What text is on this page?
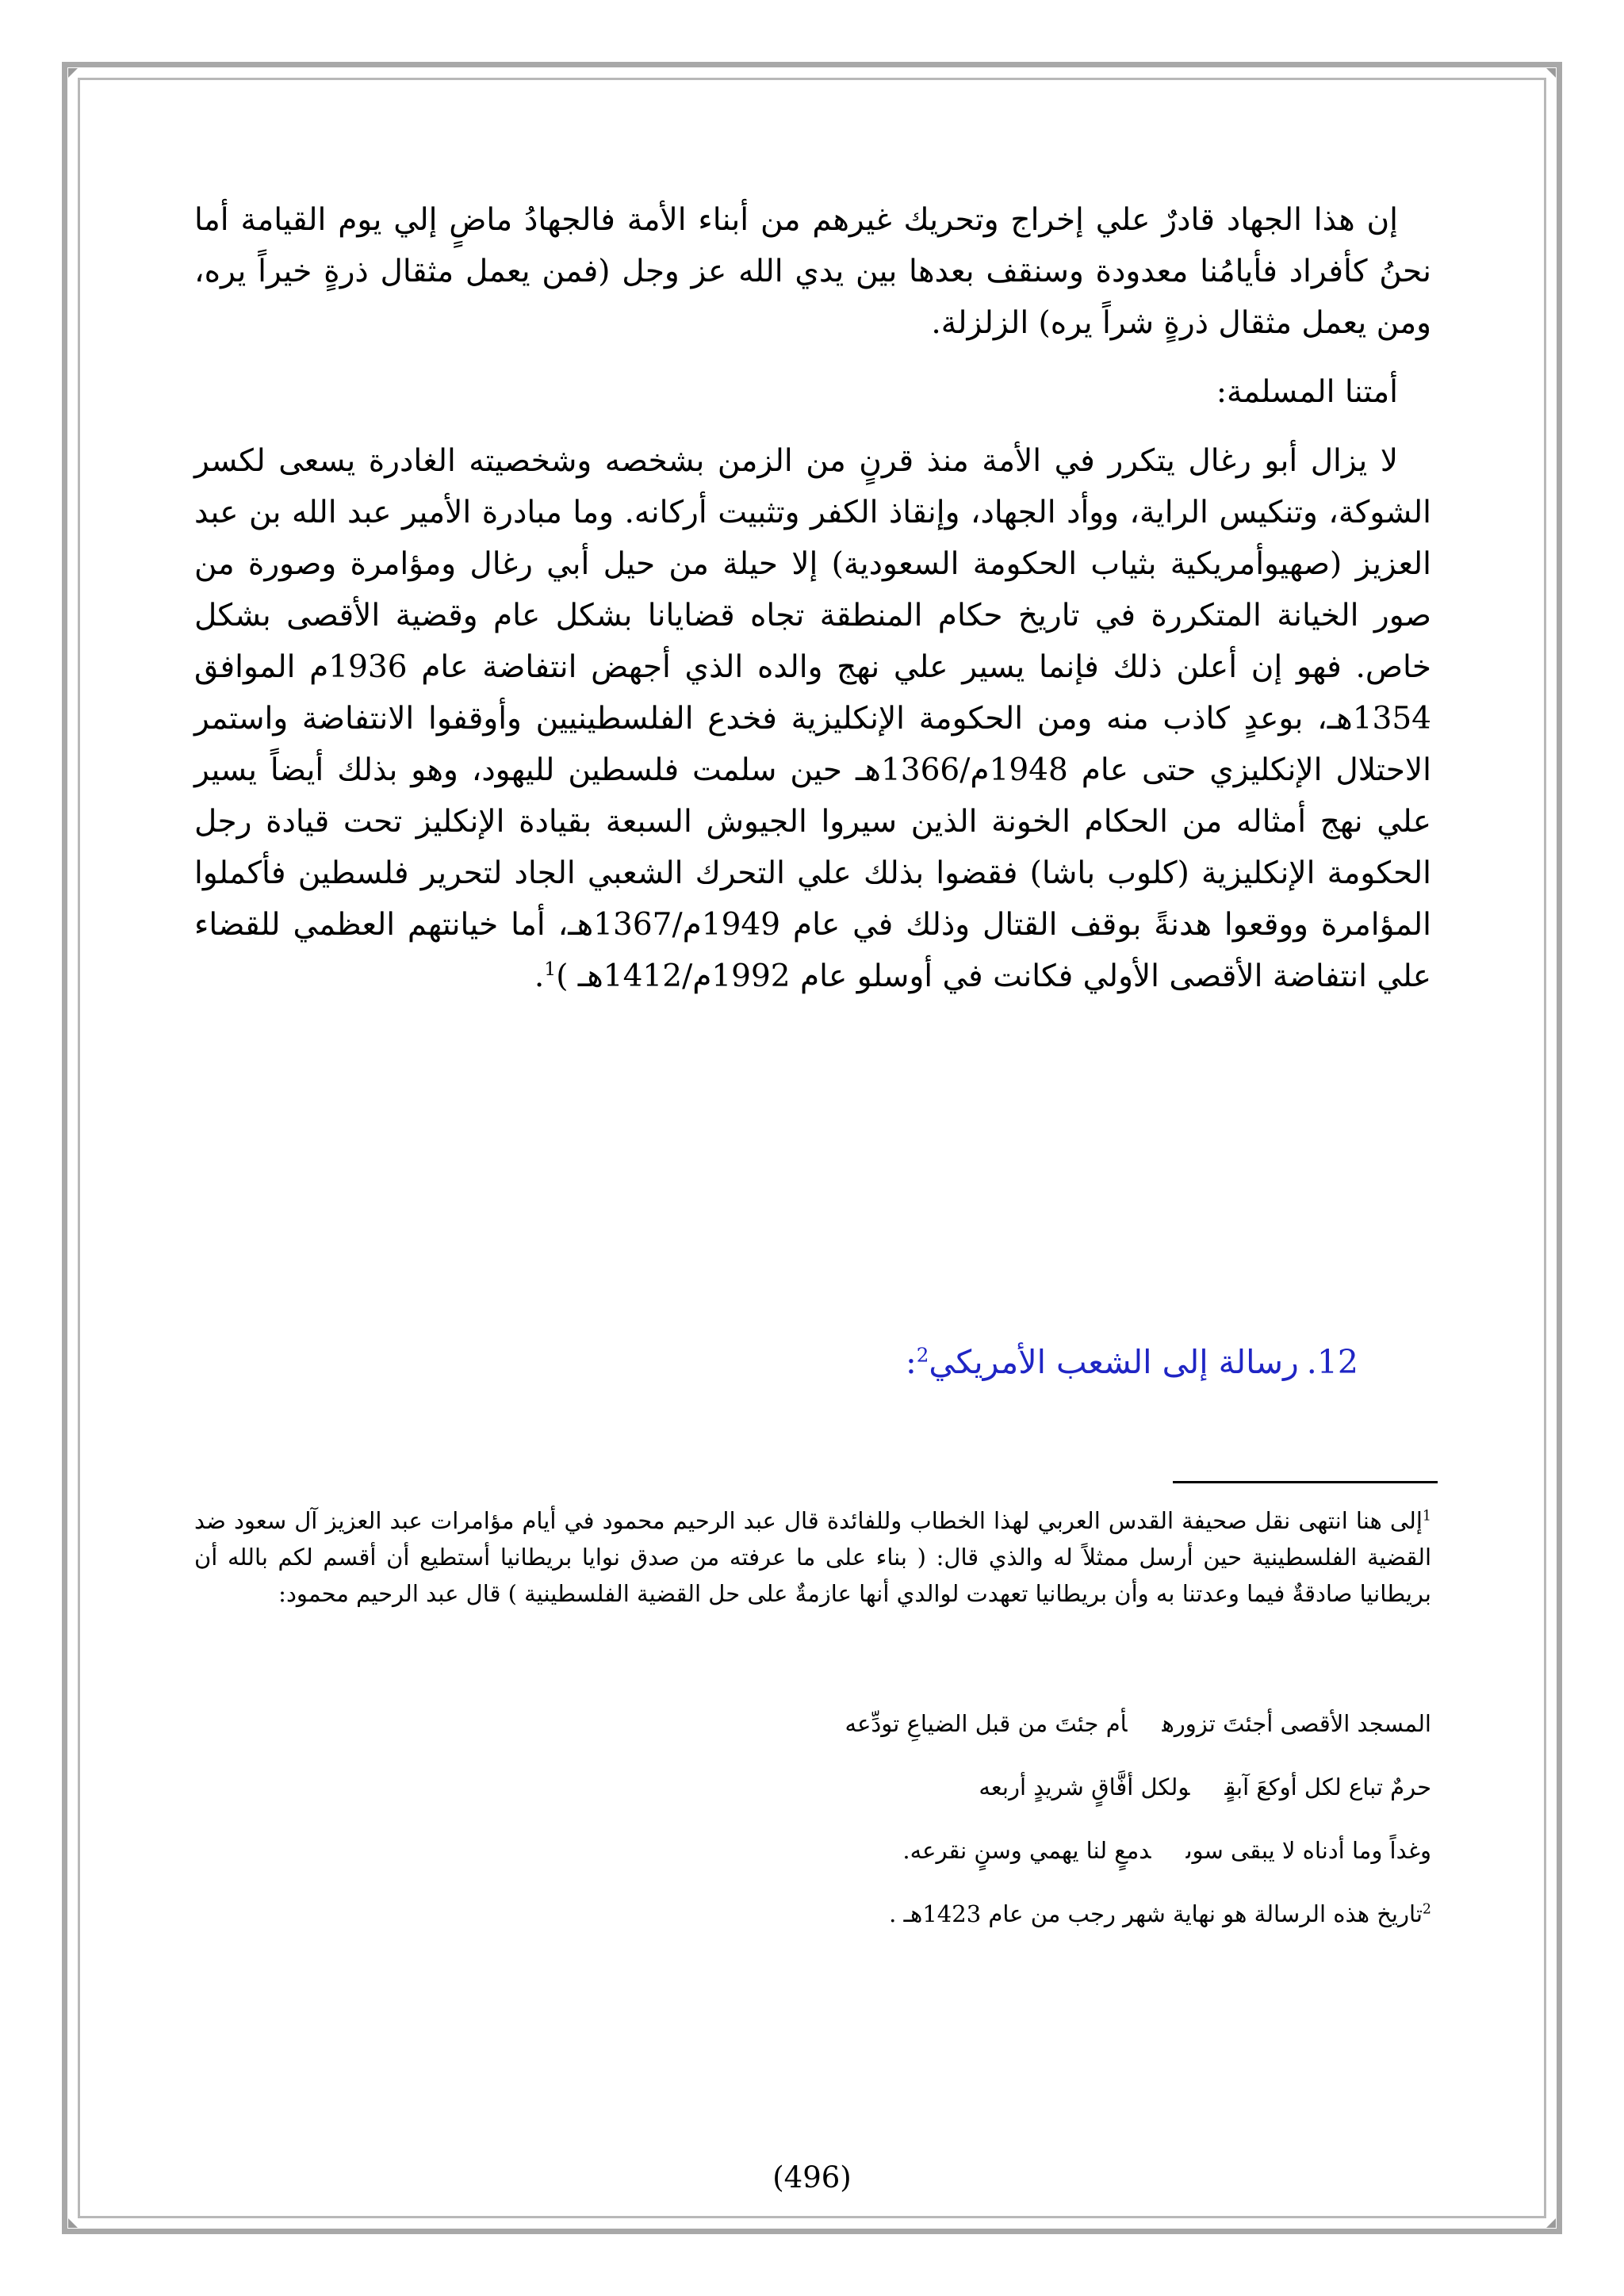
إن هذا الجهاد قادرٌ علي إخراج وتحريك غيرهم من أبناء الأمة فالجهادُ ماضٍ إلي يوم القيامة أما نحنُ كأفراد فأيامُنا معدودة وسنقف بعدها بين يدي الله عز وجل (فمن يعمل مثقال ذرةٍ خيراً يره، ومن يعمل مثقال ذرةٍ شراً يره) الزلزلة.

أمتنا المسلمة:

لا يزال أبو رغال يتكرر في الأمة منذ قرنٍ من الزمن بشخصه وشخصيته الغادرة يسعى لكسر الشوكة، وتنكيس الراية، ووأد الجهاد، وإنقاذ الكفر وتثبيت أركانه. وما مبادرة الأمير عبد الله بن عبد العزيز (صهيوأمريكية بثياب الحكومة السعودية) إلا حيلة من حيل أبي رغال ومؤامرة وصورة من صور الخيانة المتكررة في تاريخ حكام المنطقة تجاه قضايانا بشكل عام وقضية الأقصى بشكل خاص. فهو إن أعلن ذلك فإنما يسير علي نهج والده الذي أجهض انتفاضة عام 1936م الموافق 1354هـ، بوعدٍ كاذب منه ومن الحكومة الإنكليزية فخدع الفلسطينيين وأوقفوا الانتفاضة واستمر الاحتلال الإنكليزي حتى عام 1948م/1366هـ حين سلمت فلسطين لليهود، وهو بذلك أيضاً يسير علي نهج أمثاله من الحكام الخونة الذين سيروا الجيوش السبعة بقيادة الإنكليز تحت قيادة رجل الحكومة الإنكليزية (كلوب باشا) فقضوا بذلك علي التحرك الشعبي الجاد لتحرير فلسطين فأكملوا المؤامرة ووقعوا هدنةً بوقف القتال وذلك في عام 1949م/1367هـ، أما خيانتهم العظمي للقضاء علي انتفاضة الأقصى الأولي فكانت في أوسلو عام 1992م/1412هـ )$^1$.

12.رسالة إلى الشعب الأمريكي$^2$:

$^1$إلى هنا انتهى نقل صحيفة القدس العربي لهذا الخطاب وللفائدة قال عبد الرحيم محمود في أيام مؤامرات عبد العزيز آل سعود ضد القضية الفلسطينية حين أرسل ممثلاً له والذي قال: ( بناء على ما عرفته من صدق نوايا بريطانيا أستطيع أن أقسم لكم بالله أن بريطانيا صادقةٌ فيما وعدتنا به وأن بريطانيا تعهدت لوالدي أنها عازمةٌ على حل القضية الفلسطينية ) قال عبد الرحيم محمود:

المسجد الأقصى أجئتَ تزورهأم جئتَ من قبل الضياعِ تودِّعه

حرمٌ تباع لكل أوكعَ آبقٍولكل أفَّاقٍ شريدٍ أربعه

وغداً وما أدناه لا يبقى سوىدمعٍ لنا يهمي وسنٍ نقرعه.

$^2$تاريخ هذه الرسالة هو نهاية شهر رجب من عام 1423هـ .

(496)
